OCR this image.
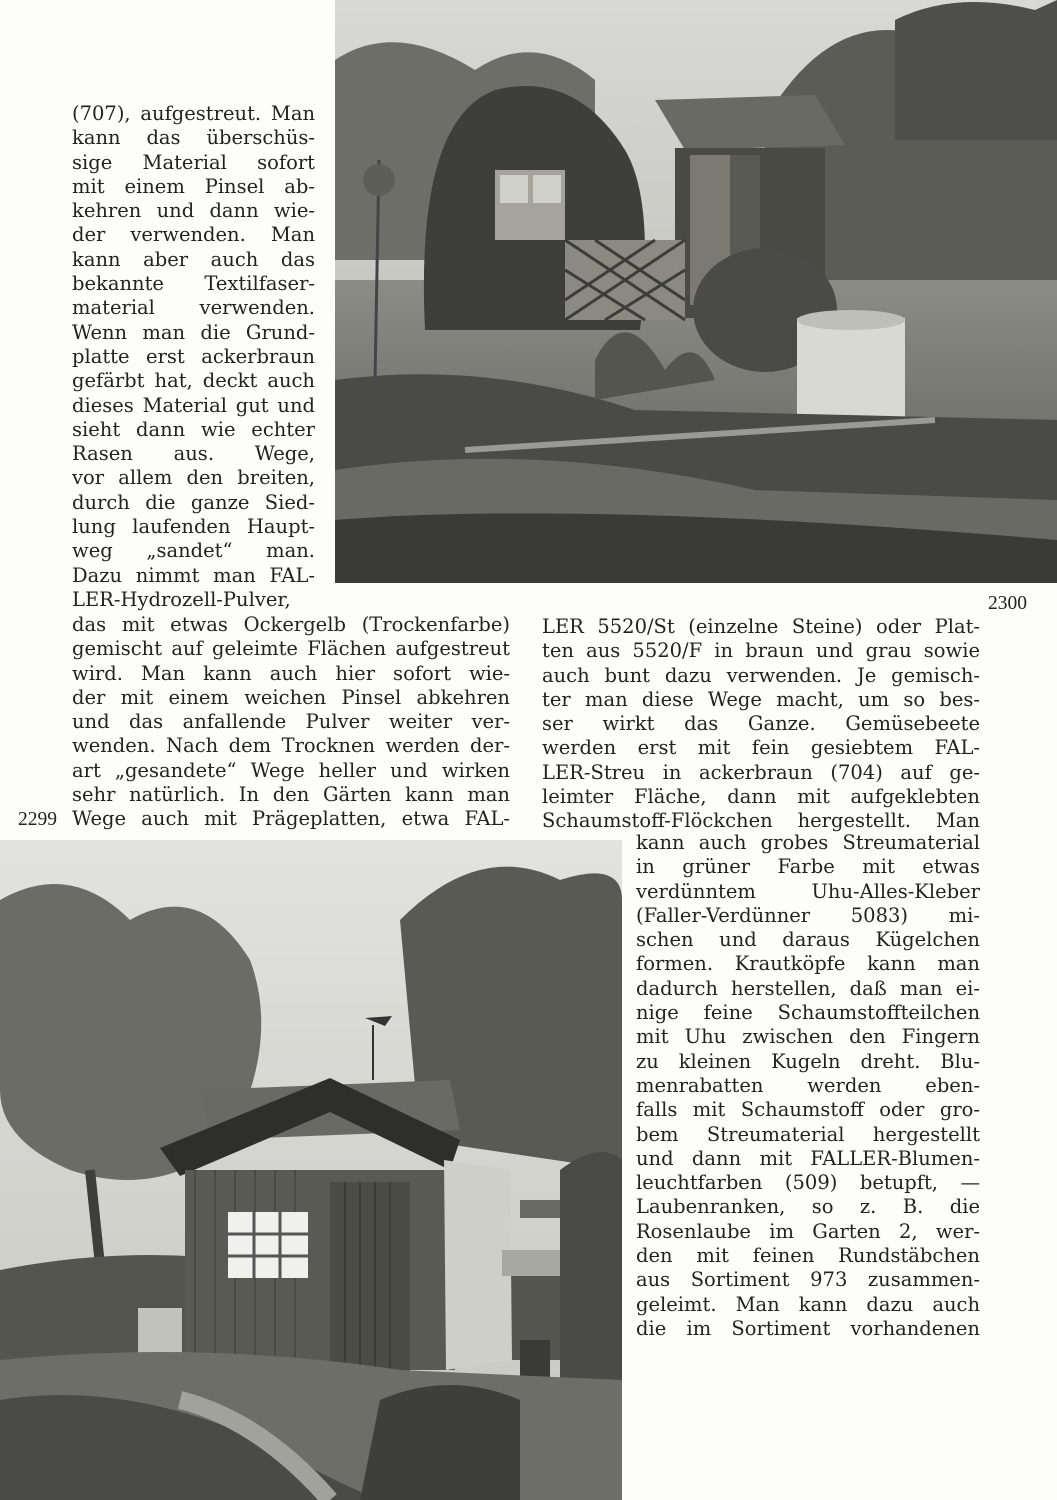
(707), aufgestreut. Man
kann das überschüs-
sige Material sofort
mit einem Pinsel ab-
kehren und dann wie-
der verwenden. Man
kann aber auch das
bekannte Textilfaser-
material verwenden.
Wenn man die Grund-
platte erst ackerbraun
gefärbt hat, deckt auch
dieses Material gut und
sieht dann wie echter
Rasen aus. Wege,
vor allem den breiten,
durch die ganze Sied-
lung laufenden Haupt-
weg „sandet“ man.
Dazu nimmt man FAL-
LER-Hydrozell-Pulver,	2300
das mit etwas Ockergelb (Trockenfarbe)
gemischt auf geleimte Flächen aufgestreut
wird. Man kann auch hier sofort wie-
der mit einem weichen Pinsel abkehren
und das anfallende Pulver weiter ver-
wenden. Nach dem Trocknen werden der-
art „gesandete“ Wege heller und wirken
sehr natürlich. In den Gärten kann man
Wege auch mit Prägeplatten, etwa FAL-
LER 5520/St (einzelne Steine) oder Plat-
ten aus 5520/F in braun und grau sowie
auch bunt dazu verwenden. Je gemisch-
ter man diese Wege macht, um so bes-
ser wirkt das Ganze. Gemüsebeete
werden erst mit fein gesiebtem FAL-
LER-Streu in ackerbraun (704) auf ge-
leimter Fläche, dann mit aufgeklebten
Schaumstoff-Flöckchen hergestellt. Man
2299
kann auch grobes Streumaterial
in grüner Farbe mit etwas
verdünntem Uhu-Alles-Kleber
(Faller-Verdünner 5083) mi-
schen und daraus Kügelchen
formen. Krautköpfe kann man
dadurch herstellen, daß man ei-
nige feine Schaumstoffteilchen
mit Uhu zwischen den Fingern
zu kleinen Kugeln dreht. Blu-
menrabatten werden eben-
falls mit Schaumstoff oder gro-
bem Streumaterial hergestellt
und dann mit FALLER-Blumen-
leuchtfarben (509) betupft, —
Laubenranken, so z. B. die
Rosenlaube im Garten 2, wer-
den mit feinen Rundstäbchen
aus Sortiment 973 zusammen-
geleimt. Man kann dazu auch
die im Sortiment vorhandenen
